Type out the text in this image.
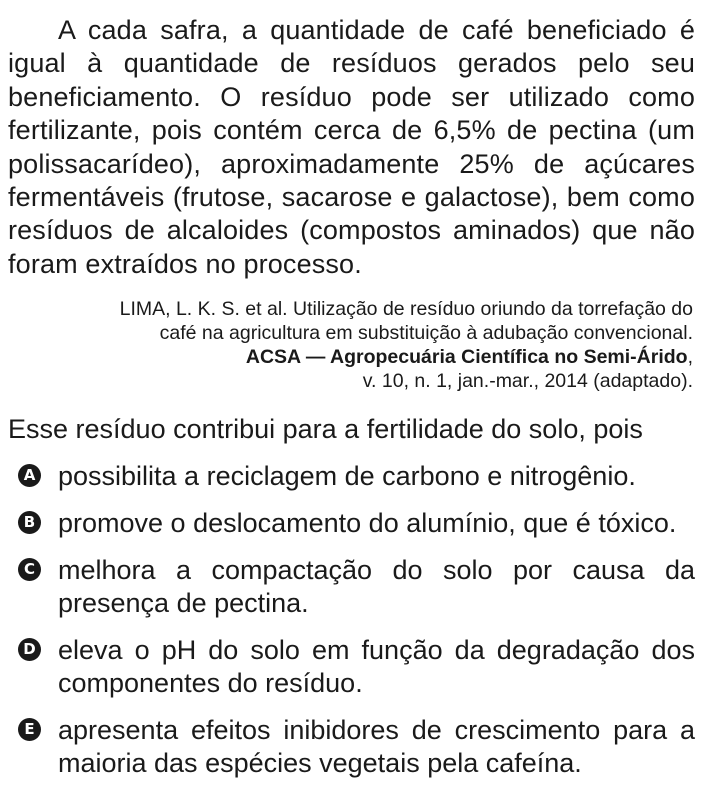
A cada safra, a quantidade de café beneficiado é igual à quantidade de resíduos gerados pelo seu beneficiamento. O resíduo pode ser utilizado como fertilizante, pois contém cerca de 6,5% de pectina (um polissacarídeo), aproximadamente 25% de açúcares fermentáveis (frutose, sacarose e galactose), bem como resíduos de alcaloides (compostos aminados) que não foram extraídos no processo.

LIMA, L. K. S. et al. Utilização de resíduo oriundo da torrefação do
café na agricultura em substituição à adubação convencional.
ACSA — Agropecuária Científica no Semi-Árido,
v. 10, n. 1, jan.-mar., 2014 (adaptado).

Esse resíduo contribui para a fertilidade do solo, pois

A possibilita a reciclagem de carbono e nitrogênio.
B promove o deslocamento do alumínio, que é tóxico.
C melhora a compactação do solo por causa da presença de pectina.
D eleva o pH do solo em função da degradação dos componentes do resíduo.
E apresenta efeitos inibidores de crescimento para a maioria das espécies vegetais pela cafeína.
